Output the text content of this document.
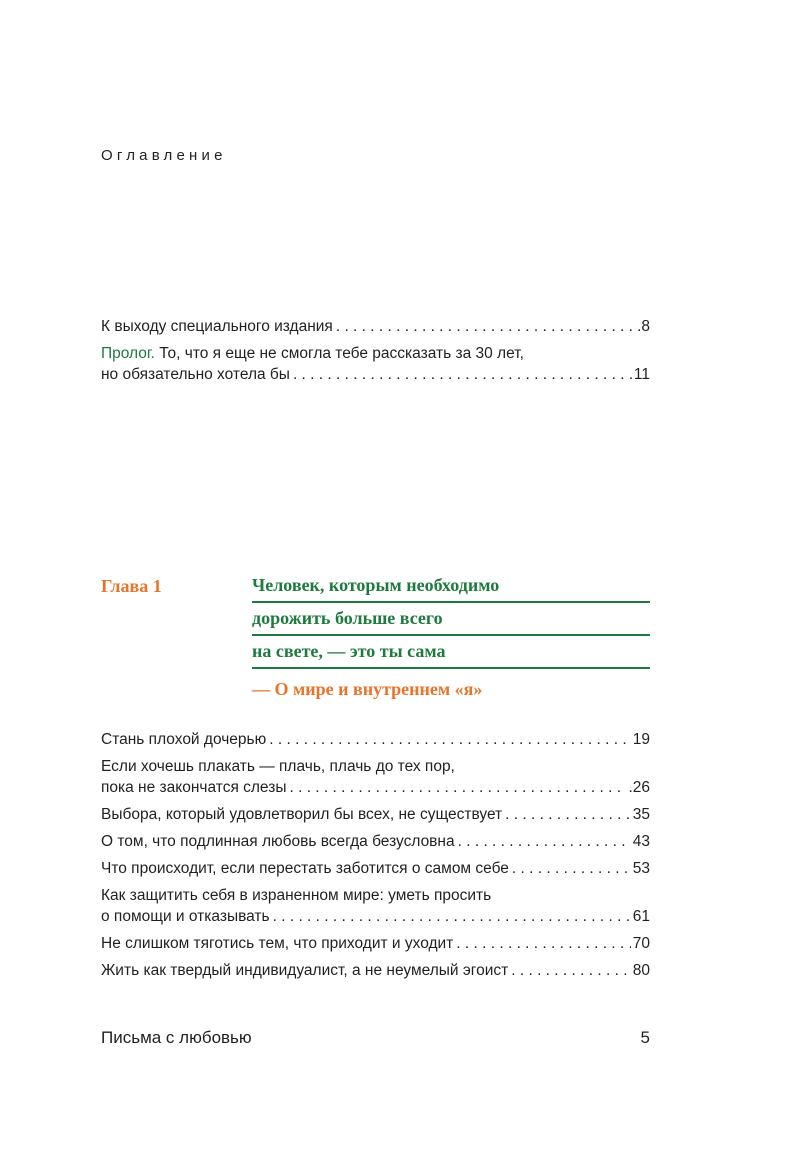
Оглавление
К выходу специального издания . . .	.8
Пролог. То, что я еще не смогла тебе рассказать за 30 лет,
но обязательно хотела бы . . .	11
Глава 1	Человек, которым необходимо
дорожить больше всего
на свете, — это ты сама
— О мире и внутреннем «я»
Стань плохой дочерью . . .	19
Если хочешь плакать — плачь, плачь до тех пор,
пока не закончатся слезы . . .	.26
Выбора, который удовлетворил бы всех, не существует . . .	35
О том, что подлинная любовь всегда безусловна . . .	43
Что происходит, если перестать заботится о самом себе . . .	53
Как защитить себя в израненном мире: уметь просить
о помощи и отказывать . . .	61
Не слишком тяготись тем, что приходит и уходит . . .	70
Жить как твердый индивидуалист, а не неумелый эгоист . . .	80
Письма с любовью	5
